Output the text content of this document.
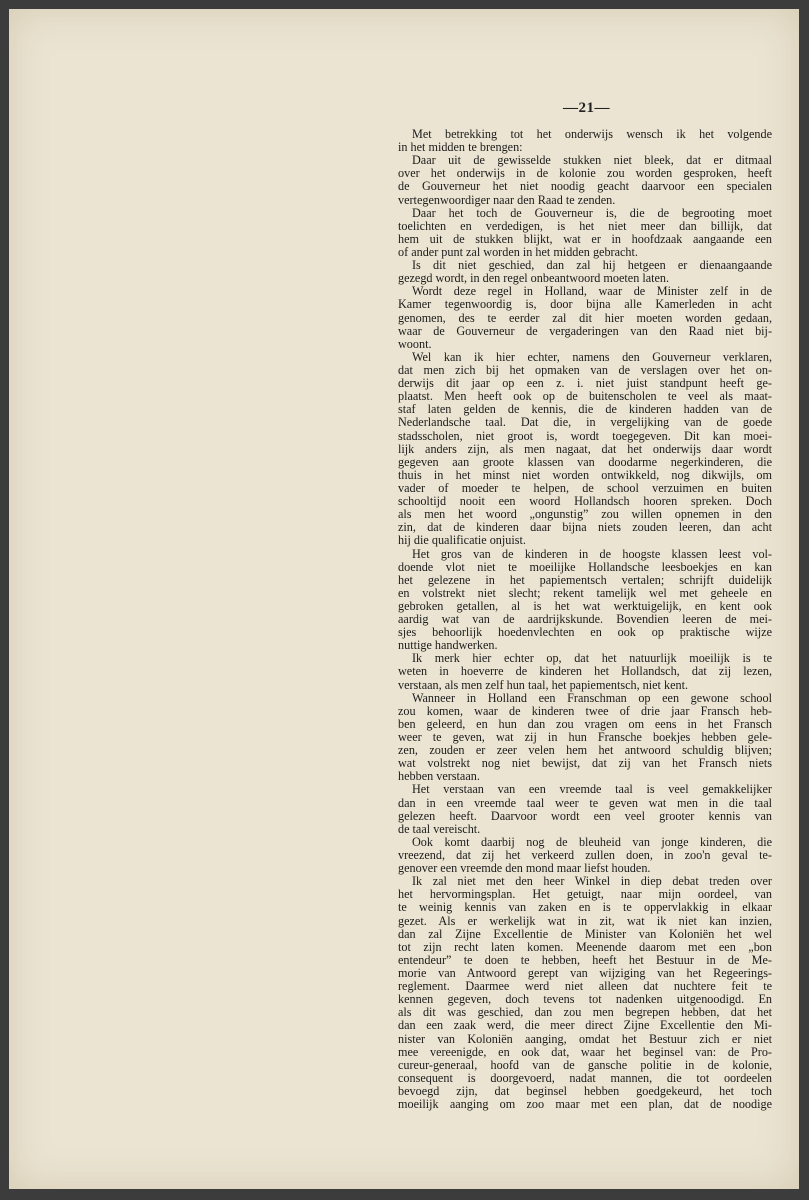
—21—
Met betrekking tot het onderwijs wensch ik het volgende
in het midden te brengen:
Daar uit de gewisselde stukken niet bleek, dat er ditmaal
over het onderwijs in de kolonie zou worden gesproken, heeft
de Gouverneur het niet noodig geacht daarvoor een specialen
vertegenwoordiger naar den Raad te zenden.
Daar het toch de Gouverneur is, die de begrooting moet
toelichten en verdedigen, is het niet meer dan billijk, dat
hem uit de stukken blijkt, wat er in hoofdzaak aangaande een
of ander punt zal worden in het midden gebracht.
Is dit niet geschied, dan zal hij hetgeen er dienaangaande
gezegd wordt, in den regel onbeantwoord moeten laten.
Wordt deze regel in Holland, waar de Minister zelf in de
Kamer tegenwoordig is, door bijna alle Kamerleden in acht
genomen, des te eerder zal dit hier moeten worden gedaan,
waar de Gouverneur de vergaderingen van den Raad niet bij-
woont.
Wel kan ik hier echter, namens den Gouverneur verklaren,
dat men zich bij het opmaken van de verslagen over het on-
derwijs dit jaar op een z. i. niet juist standpunt heeft ge-
plaatst. Men heeft ook op de buitenscholen te veel als maat-
staf laten gelden de kennis, die de kinderen hadden van de
Nederlandsche taal. Dat die, in vergelijking van de goede
stadsscholen, niet groot is, wordt toegegeven. Dit kan moei-
lijk anders zijn, als men nagaat, dat het onderwijs daar wordt
gegeven aan groote klassen van doodarme negerkinderen, die
thuis in het minst niet worden ontwikkeld, nog dikwijls, om
vader of moeder te helpen, de school verzuimen en buiten
schooltijd nooit een woord Hollandsch hooren spreken. Doch
als men het woord „ongunstig” zou willen opnemen in den
zin, dat de kinderen daar bijna niets zouden leeren, dan acht
hij die qualificatie onjuist.
Het gros van de kinderen in de hoogste klassen leest vol-
doende vlot niet te moeilijke Hollandsche leesboekjes en kan
het gelezene in het papiementsch vertalen; schrijft duidelijk
en volstrekt niet slecht; rekent tamelijk wel met geheele en
gebroken getallen, al is het wat werktuigelijk, en kent ook
aardig wat van de aardrijkskunde. Bovendien leeren de mei-
sjes behoorlijk hoedenvlechten en ook op praktische wijze
nuttige handwerken.
Ik merk hier echter op, dat het natuurlijk moeilijk is te
weten in hoeverre de kinderen het Hollandsch, dat zij lezen,
verstaan, als men zelf hun taal, het papiementsch, niet kent.
Wanneer in Holland een Franschman op een gewone school
zou komen, waar de kinderen twee of drie jaar Fransch heb-
ben geleerd, en hun dan zou vragen om eens in het Fransch
weer te geven, wat zij in hun Fransche boekjes hebben gele-
zen, zouden er zeer velen hem het antwoord schuldig blijven;
wat volstrekt nog niet bewijst, dat zij van het Fransch niets
hebben verstaan.
Het verstaan van een vreemde taal is veel gemakkelijker
dan in een vreemde taal weer te geven wat men in die taal
gelezen heeft. Daarvoor wordt een veel grooter kennis van
de taal vereischt.
Ook komt daarbij nog de bleuheid van jonge kinderen, die
vreezend, dat zij het verkeerd zullen doen, in zoo'n geval te-
genover een vreemde den mond maar liefst houden.
Ik zal niet met den heer Winkel in diep debat treden over
het hervormingsplan. Het getuigt, naar mijn oordeel, van
te weinig kennis van zaken en is te oppervlakkig in elkaar
gezet. Als er werkelijk wat in zit, wat ik niet kan inzien,
dan zal Zijne Excellentie de Minister van Koloniën het wel
tot zijn recht laten komen. Meenende daarom met een „bon
entendeur” te doen te hebben, heeft het Bestuur in de Me-
morie van Antwoord gerept van wijziging van het Regeerings-
reglement. Daarmee werd niet alleen dat nuchtere feit te
kennen gegeven, doch tevens tot nadenken uitgenoodigd. En
als dit was geschied, dan zou men begrepen hebben, dat het
dan een zaak werd, die meer direct Zijne Excellentie den Mi-
nister van Koloniën aanging, omdat het Bestuur zich er niet
mee vereenigde, en ook dat, waar het beginsel van: de Pro-
cureur-generaal, hoofd van de gansche politie in de kolonie,
consequent is doorgevoerd, nadat mannen, die tot oordeelen
bevoegd zijn, dat beginsel hebben goedgekeurd, het toch
moeilijk aanging om zoo maar met een plan, dat de noodige
